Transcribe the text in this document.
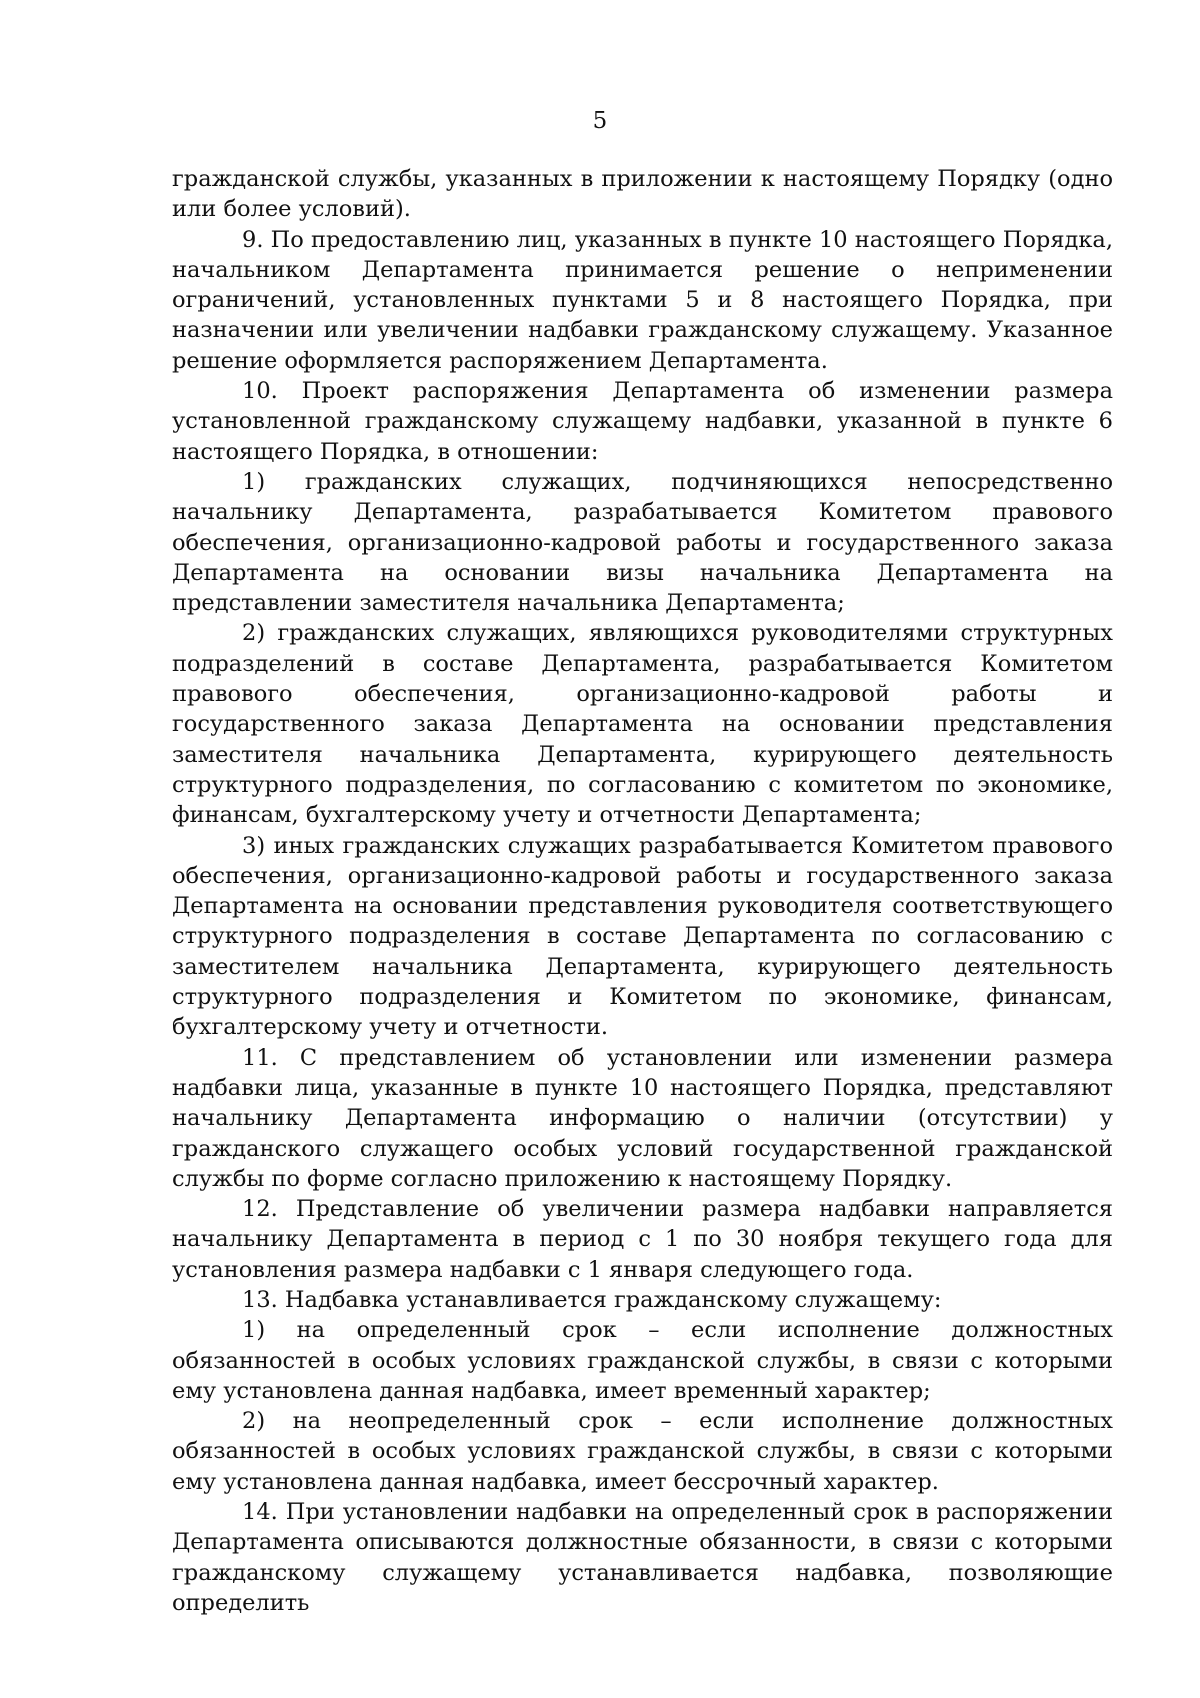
5

гражданской службы, указанных в приложении к настоящему Порядку (одно или более условий).

9. По предоставлению лиц, указанных в пункте 10 настоящего Порядка, начальником Департамента принимается решение о неприменении ограничений, установленных пунктами 5 и 8 настоящего Порядка, при назначении или увеличении надбавки гражданскому служащему. Указанное решение оформляется распоряжением Департамента.

10. Проект распоряжения Департамента об изменении размера установленной гражданскому служащему надбавки, указанной в пункте 6 настоящего Порядка, в отношении:

1) гражданских служащих, подчиняющихся непосредственно начальнику Департамента, разрабатывается Комитетом правового обеспечения, организационно-кадровой работы и государственного заказа Департамента на основании визы начальника Департамента на представлении заместителя начальника Департамента;

2) гражданских служащих, являющихся руководителями структурных подразделений в составе Департамента, разрабатывается Комитетом правового обеспечения, организационно-кадровой работы и государственного заказа Департамента на основании представления заместителя начальника Департамента, курирующего деятельность структурного подразделения, по согласованию с комитетом по экономике, финансам, бухгалтерскому учету и отчетности Департамента;

3) иных гражданских служащих разрабатывается Комитетом правового обеспечения, организационно-кадровой работы и государственного заказа Департамента на основании представления руководителя соответствующего структурного подразделения в составе Департамента по согласованию с заместителем начальника Департамента, курирующего деятельность структурного подразделения и Комитетом по экономике, финансам, бухгалтерскому учету и отчетности.

11. С представлением об установлении или изменении размера надбавки лица, указанные в пункте 10 настоящего Порядка, представляют начальнику Департамента информацию о наличии (отсутствии) у гражданского служащего особых условий государственной гражданской службы по форме согласно приложению к настоящему Порядку.

12. Представление об увеличении размера надбавки направляется начальнику Департамента в период с 1 по 30 ноября текущего года для установления размера надбавки с 1 января следующего года.

13. Надбавка устанавливается гражданскому служащему:

1) на определенный срок – если исполнение должностных обязанностей в особых условиях гражданской службы, в связи с которыми ему установлена данная надбавка, имеет временный характер;

2) на неопределенный срок – если исполнение должностных обязанностей в особых условиях гражданской службы, в связи с которыми ему установлена данная надбавка, имеет бессрочный характер.

14. При установлении надбавки на определенный срок в распоряжении Департамента описываются должностные обязанности, в связи с которыми гражданскому служащему устанавливается надбавка, позволяющие определить
